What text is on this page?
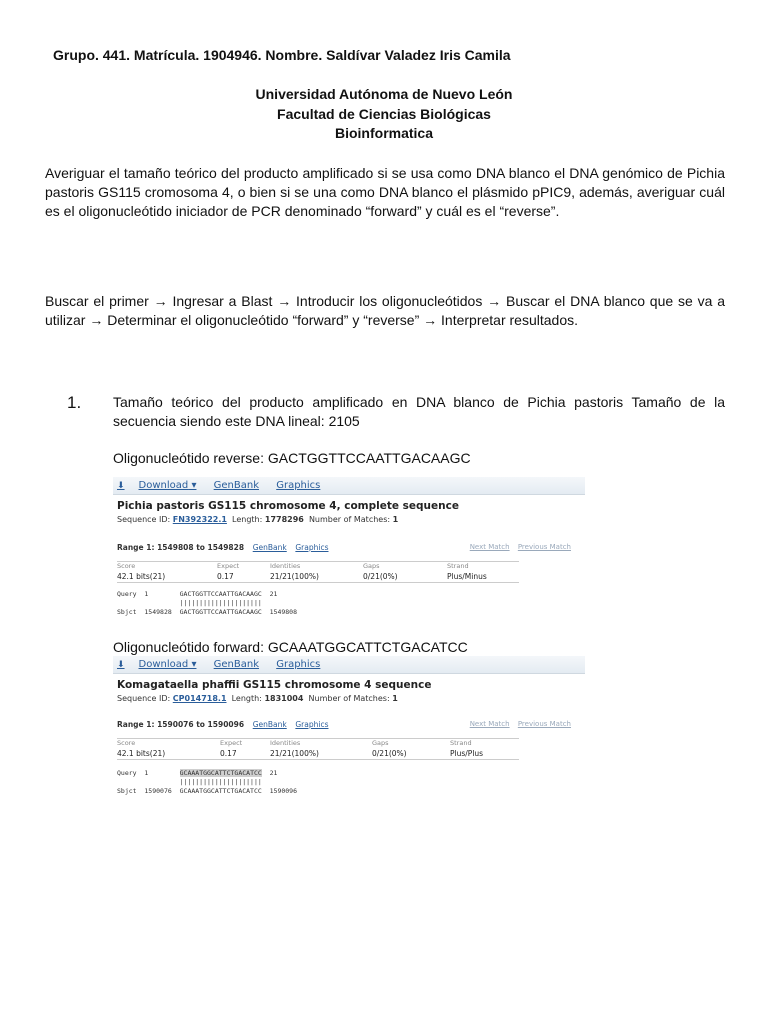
Grupo. 441. Matrícula. 1904946. Nombre. Saldívar Valadez Iris Camila
Universidad Autónoma de Nuevo León
Facultad de Ciencias Biológicas
Bioinformatica
Averiguar el tamaño teórico del producto amplificado si se usa como DNA blanco el DNA genómico de Pichia pastoris GS115 cromosoma 4, o bien si se una como DNA blanco el plásmido pPIC9, además, averiguar cuál es el oligonucleótido iniciador de PCR denominado “forward” y cuál es el “reverse”.
Buscar el primer → Ingresar a Blast → Introducir los oligonucleótidos → Buscar el DNA blanco que se va a utilizar → Determinar el oligonucleótido “forward” y “reverse” → Interpretar resultados.
1. Tamaño teórico del producto amplificado en DNA blanco de Pichia pastoris Tamaño de la secuencia siendo este DNA lineal: 2105
Oligonucleótido reverse: GACTGGTTCCAATTGACAAGC
⬇ Download ▾ GenBank Graphics
Pichia pastoris GS115 chromosome 4, complete sequence
Sequence ID: FN392322.1 Length: 1778296 Number of Matches: 1
Range 1: 1549808 to 1549828 GenBank Graphics	Next Match Previous Match
Score	Expect	Identities	Gaps	Strand
42.1 bits(21)	0.17	21/21(100%)	0/21(0%)	Plus/Minus
Query  1        GACTGGTTCCAATTGACAAGC  21
|||||||||||||||||||||
Sbjct  1549828  GACTGGTTCCAATTGACAAGC  1549808
Oligonucleótido forward: GCAAATGGCATTCTGACATCC
⬇ Download ▾ GenBank Graphics
Komagataella phaffii GS115 chromosome 4 sequence
Sequence ID: CP014718.1 Length: 1831004 Number of Matches: 1
Range 1: 1590076 to 1590096 GenBank Graphics	Next Match Previous Match
Score	Expect	Identities	Gaps	Strand
42.1 bits(21)	0.17	21/21(100%)	0/21(0%)	Plus/Plus
Query  1        GCAAATGGCATTCTGACATCC  21
|||||||||||||||||||||
Sbjct  1590076  GCAAATGGCATTCTGACATCC  1590096
